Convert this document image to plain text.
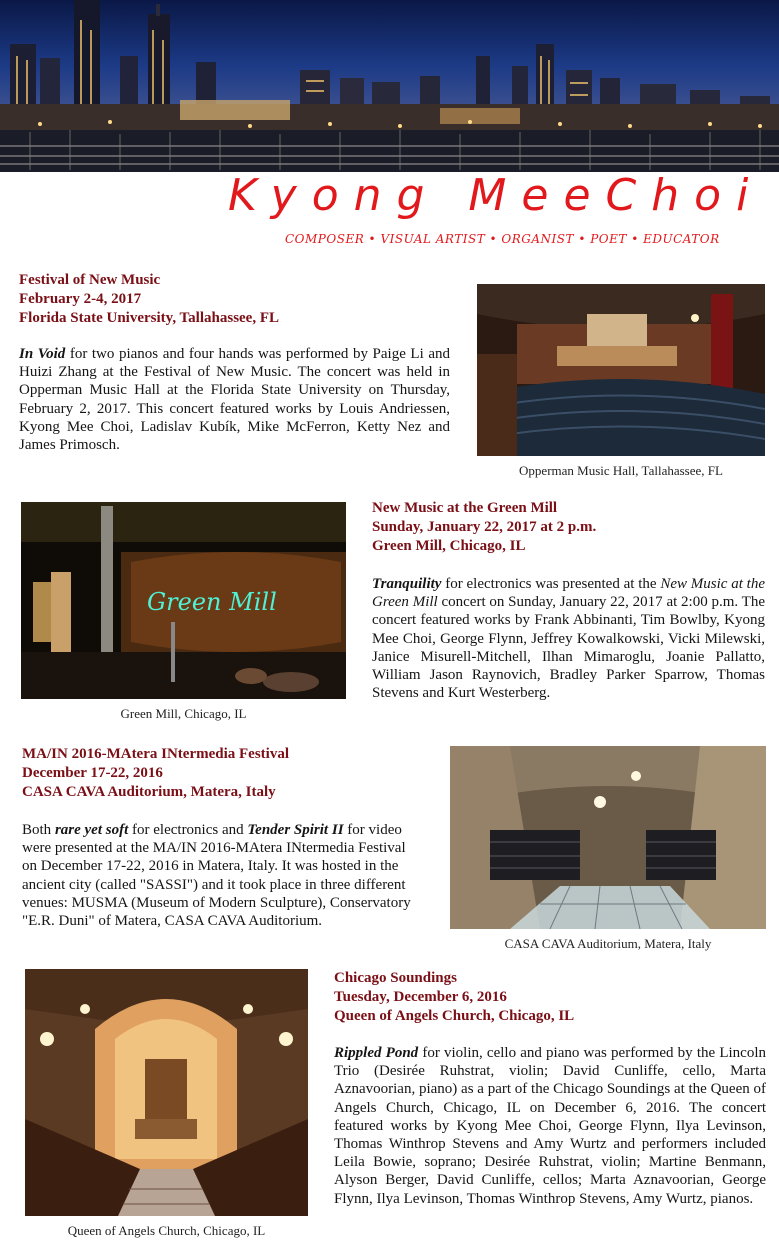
Kyong MeeChoi
COMPOSER • VISUAL ARTIST • ORGANIST • POET • EDUCATOR
Festival of New Music
February 2-4, 2017
Florida State University, Tallahassee, FL
In Void for two pianos and four hands was performed by Paige Li and Huizi Zhang at the Festival of New Music. The concert was held in Opperman Music Hall at the Florida State University on Thursday, February 2, 2017. This concert featured works by Louis Andriessen, Kyong Mee Choi, Ladislav Kubík, Mike McFerron, Ketty Nez and James Primosch.
Opperman Music Hall, Tallahassee, FL
Green Mill
Green Mill, Chicago, IL
New Music at the Green Mill
Sunday, January 22, 2017 at 2 p.m.
Green Mill, Chicago, IL
Tranquility for electronics was presented at the New Music at the Green Mill concert on Sunday, January 22, 2017 at 2:00 p.m. The concert featured works by Frank Abbinanti, Tim Bowlby, Kyong Mee Choi, George Flynn, Jeffrey Kowalkowski, Vicki Milewski, Janice Misurell-Mitchell, Ilhan Mimaroglu, Joanie Pallatto, William Jason Raynovich, Bradley Parker Sparrow, Thomas Stevens and Kurt Westerberg.
MA/IN 2016-MAtera INtermedia Festival
December 17-22, 2016
CASA CAVA Auditorium, Matera, Italy
Both rare yet soft for electronics and Tender Spirit II for video were presented at the MA/IN 2016-MAtera INtermedia Festival on December 17-22, 2016 in Matera, Italy. It was hosted in the ancient city (called "SASSI") and it took place in three different venues: MUSMA (Museum of Modern Sculpture), Conservatory "E.R. Duni" of Matera, CASA CAVA Auditorium.
CASA CAVA Auditorium, Matera, Italy
Queen of Angels Church, Chicago, IL
Chicago Soundings
Tuesday, December 6, 2016
Queen of Angels Church, Chicago, IL
Rippled Pond for violin, cello and piano was performed by the Lincoln Trio (Desirée Ruhstrat, violin; David Cunliffe, cello, Marta Aznavoorian, piano) as a part of the Chicago Soundings at the Queen of Angels Church, Chicago, IL on December 6, 2016. The concert featured works by Kyong Mee Choi, George Flynn, Ilya Levinson, Thomas Winthrop Stevens and Amy Wurtz and performers included Leila Bowie, soprano; Desirée Ruhstrat, violin; Martine Benmann, Alyson Berger, David Cunliffe, cellos; Marta Aznavoorian, George Flynn, Ilya Levinson, Thomas Winthrop Stevens, Amy Wurtz, pianos.
